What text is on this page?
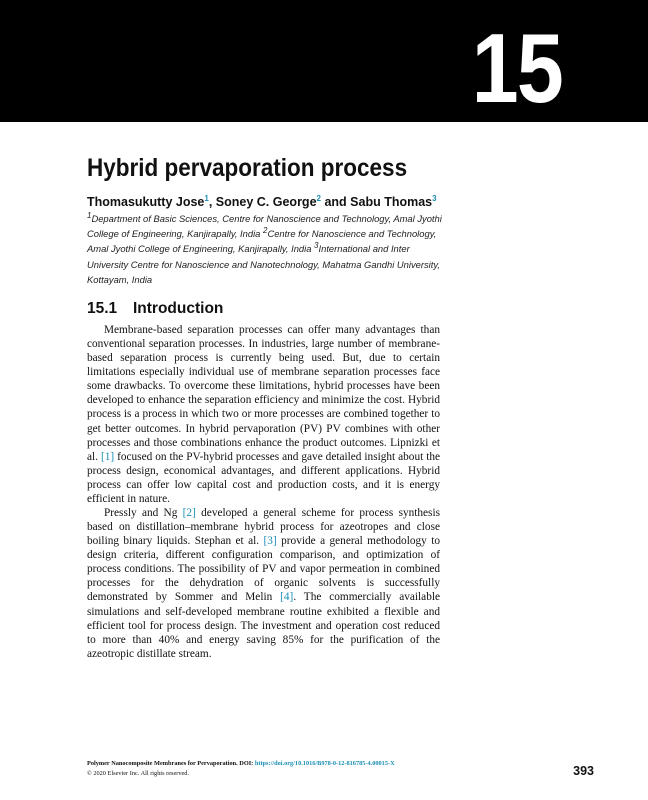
15
Hybrid pervaporation process
Thomasukutty Jose$^1$, Soney C. George$^2$ and Sabu Thomas$^3$
$^1$Department of Basic Sciences, Centre for Nanoscience and Technology, Amal Jyothi College of Engineering, Kanjirapally, India $^2$Centre for Nanoscience and Technology, Amal Jyothi College of Engineering, Kanjirapally, India $^3$International and Inter University Centre for Nanoscience and Nanotechnology, Mahatma Gandhi University, Kottayam, India
15.1 Introduction

Membrane-based separation processes can offer many advantages than conventional separation processes. In industries, large number of membrane-based separation process is currently being used. But, due to certain limitations especially individual use of membrane separation processes face some drawbacks. To overcome these limitations, hybrid processes have been developed to enhance the separation efficiency and minimize the cost. Hybrid process is a process in which two or more processes are combined together to get better outcomes. In hybrid pervaporation (PV) PV combines with other processes and those combinations enhance the product outcomes. Lipnizki et al. [1] focused on the PV-hybrid processes and gave detailed insight about the process design, economical advantages, and different applications. Hybrid process can offer low capital cost and production costs, and it is energy efficient in nature.

Pressly and Ng [2] developed a general scheme for process synthesis based on distillation–membrane hybrid process for azeotropes and close boiling binary liquids. Stephan et al. [3] provide a general methodology to design criteria, different configuration comparison, and optimization of process conditions. The possibility of PV and vapor permeation in combined processes for the dehydration of organic solvents is successfully demonstrated by Sommer and Melin [4]. The commercially available simulations and self-developed membrane routine exhibited a flexible and efficient tool for process design. The investment and operation cost reduced to more than 40% and energy saving 85% for the purification of the azeotropic distillate stream.

Polymer Nanocomposite Membranes for Pervaporation. DOI: https://doi.org/10.1016/B978-0-12-816785-4.00015-X
© 2020 Elsevier Inc. All rights reserved.	393
